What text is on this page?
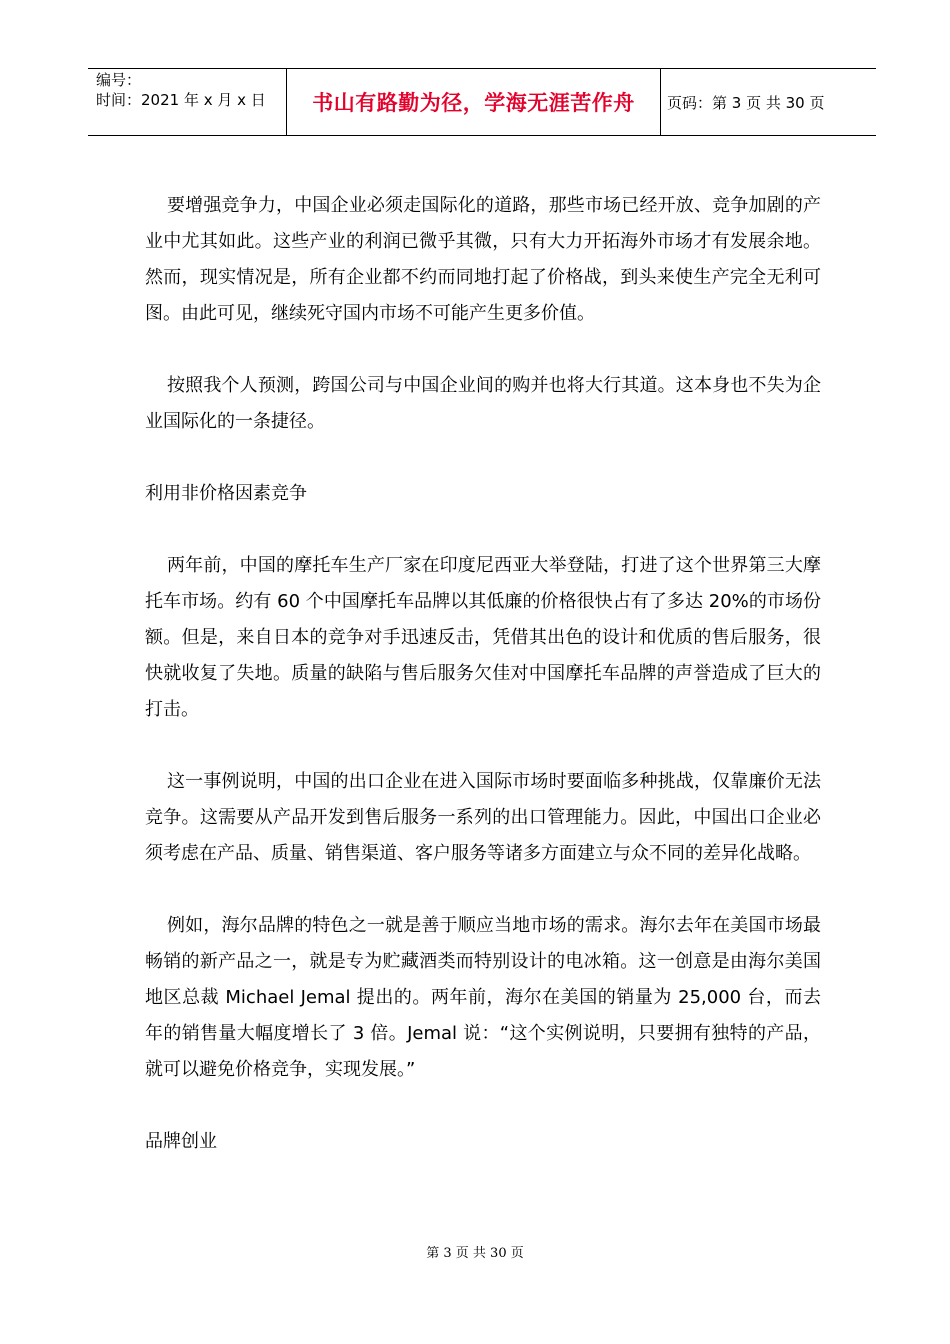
编号：
时间：2021 年 x 月 x 日 书山有路勤为径，学海无涯苦作舟	页码：第 3 页 共 30 页

要增强竞争力，中国企业必须走国际化的道路，那些市场已经开放、竞争加剧的产业中尤其如此。这些产业的利润已微乎其微，只有大力开拓海外市场才有发展余地。然而，现实情况是，所有企业都不约而同地打起了价格战，到头来使生产完全无利可图。由此可见，继续死守国内市场不可能产生更多价值。

按照我个人预测，跨国公司与中国企业间的购并也将大行其道。这本身也不失为企业国际化的一条捷径。

利用非价格因素竞争

两年前，中国的摩托车生产厂家在印度尼西亚大举登陆，打进了这个世界第三大摩托车市场。约有 60 个中国摩托车品牌以其低廉的价格很快占有了多达 20%的市场份额。但是，来自日本的竞争对手迅速反击，凭借其出色的设计和优质的售后服务，很快就收复了失地。质量的缺陷与售后服务欠佳对中国摩托车品牌的声誉造成了巨大的打击。

这一事例说明，中国的出口企业在进入国际市场时要面临多种挑战，仅靠廉价无法竞争。这需要从产品开发到售后服务一系列的出口管理能力。因此，中国出口企业必须考虑在产品、质量、销售渠道、客户服务等诸多方面建立与众不同的差异化战略。

例如，海尔品牌的特色之一就是善于顺应当地市场的需求。海尔去年在美国市场最畅销的新产品之一，就是专为贮藏酒类而特别设计的电冰箱。这一创意是由海尔美国地区总裁 Michael Jemal 提出的。两年前，海尔在美国的销量为 25,000 台，而去年的销售量大幅度增长了 3 倍。Jemal 说：“这个实例说明，只要拥有独特的产品，就可以避免价格竞争，实现发展。”

品牌创业

第 3 页 共 30 页
